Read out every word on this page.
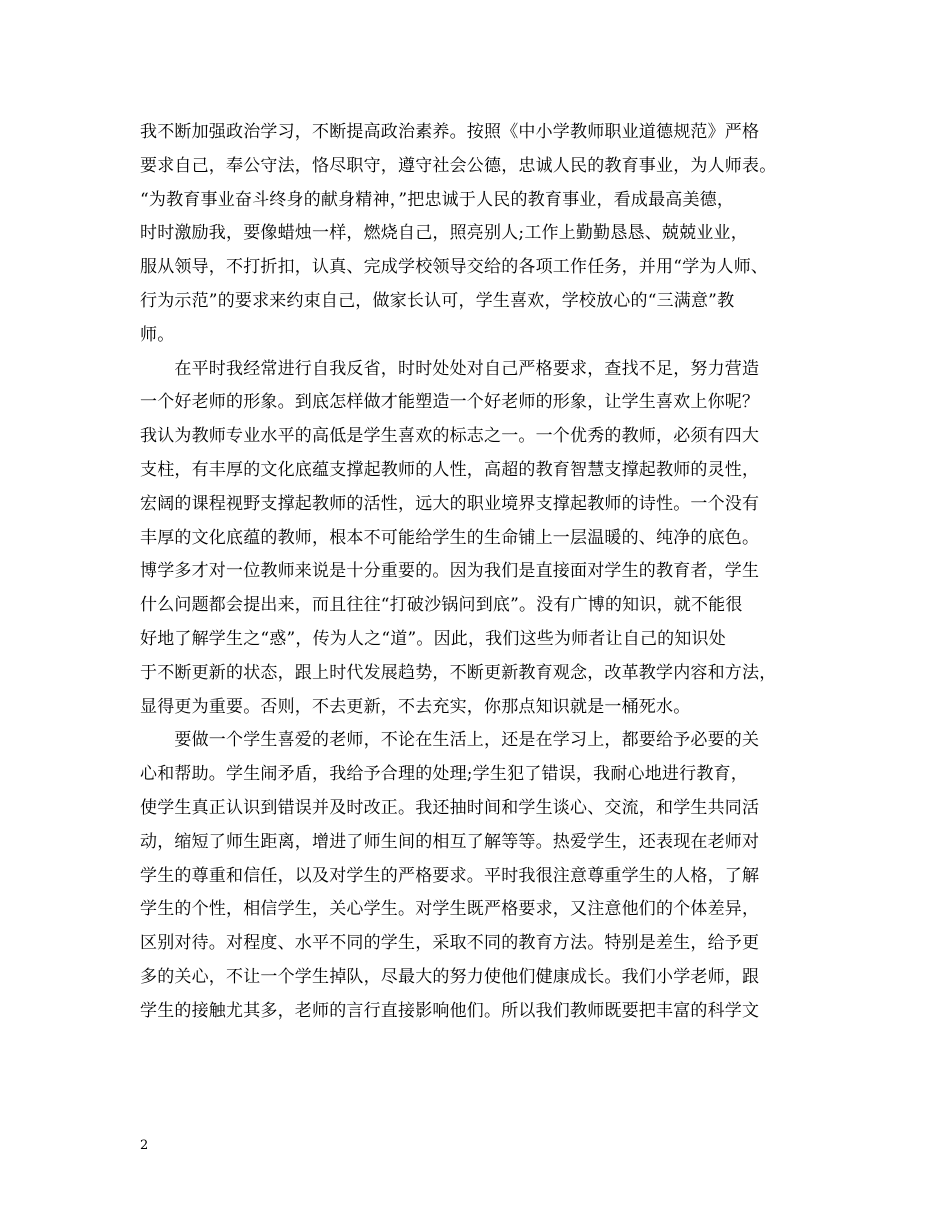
我不断加强政治学习，不断提高政治素养。按照《中小学教师职业道德规范》严格
要求自己，奉公守法，恪尽职守，遵守社会公德，忠诚人民的教育事业，为人师表。
“为教育事业奋斗终身的献身精神，”把忠诚于人民的教育事业，看成最高美德，
时时激励我，要像蜡烛一样，燃烧自己，照亮别人;工作上勤勤恳恳、兢兢业业，
服从领导，不打折扣，认真、完成学校领导交给的各项工作任务，并用“学为人师、
行为示范”的要求来约束自己，做家长认可，学生喜欢，学校放心的“三满意”教
师。
　　在平时我经常进行自我反省，时时处处对自己严格要求，查找不足，努力营造
一个好老师的形象。到底怎样做才能塑造一个好老师的形象，让学生喜欢上你呢？
我认为教师专业水平的高低是学生喜欢的标志之一。一个优秀的教师，必须有四大
支柱，有丰厚的文化底蕴支撑起教师的人性，高超的教育智慧支撑起教师的灵性，
宏阔的课程视野支撑起教师的活性，远大的职业境界支撑起教师的诗性。一个没有
丰厚的文化底蕴的教师，根本不可能给学生的生命铺上一层温暖的、纯净的底色。
博学多才对一位教师来说是十分重要的。因为我们是直接面对学生的教育者，学生
什么问题都会提出来，而且往往“打破沙锅问到底”。没有广博的知识，就不能很
好地了解学生之“惑”，传为人之“道”。因此，我们这些为师者让自己的知识处
于不断更新的状态，跟上时代发展趋势，不断更新教育观念，改革教学内容和方法，
显得更为重要。否则，不去更新，不去充实，你那点知识就是一桶死水。
　　要做一个学生喜爱的老师，不论在生活上，还是在学习上，都要给予必要的关
心和帮助。学生闹矛盾，我给予合理的处理;学生犯了错误，我耐心地进行教育，
使学生真正认识到错误并及时改正。我还抽时间和学生谈心、交流，和学生共同活
动，缩短了师生距离，增进了师生间的相互了解等等。热爱学生，还表现在老师对
学生的尊重和信任，以及对学生的严格要求。平时我很注意尊重学生的人格，了解
学生的个性，相信学生，关心学生。对学生既严格要求，又注意他们的个体差异，
区别对待。对程度、水平不同的学生，采取不同的教育方法。特别是差生，给予更
多的关心，不让一个学生掉队，尽最大的努力使他们健康成长。我们小学老师，跟
学生的接触尤其多，老师的言行直接影响他们。所以我们教师既要把丰富的科学文
2
